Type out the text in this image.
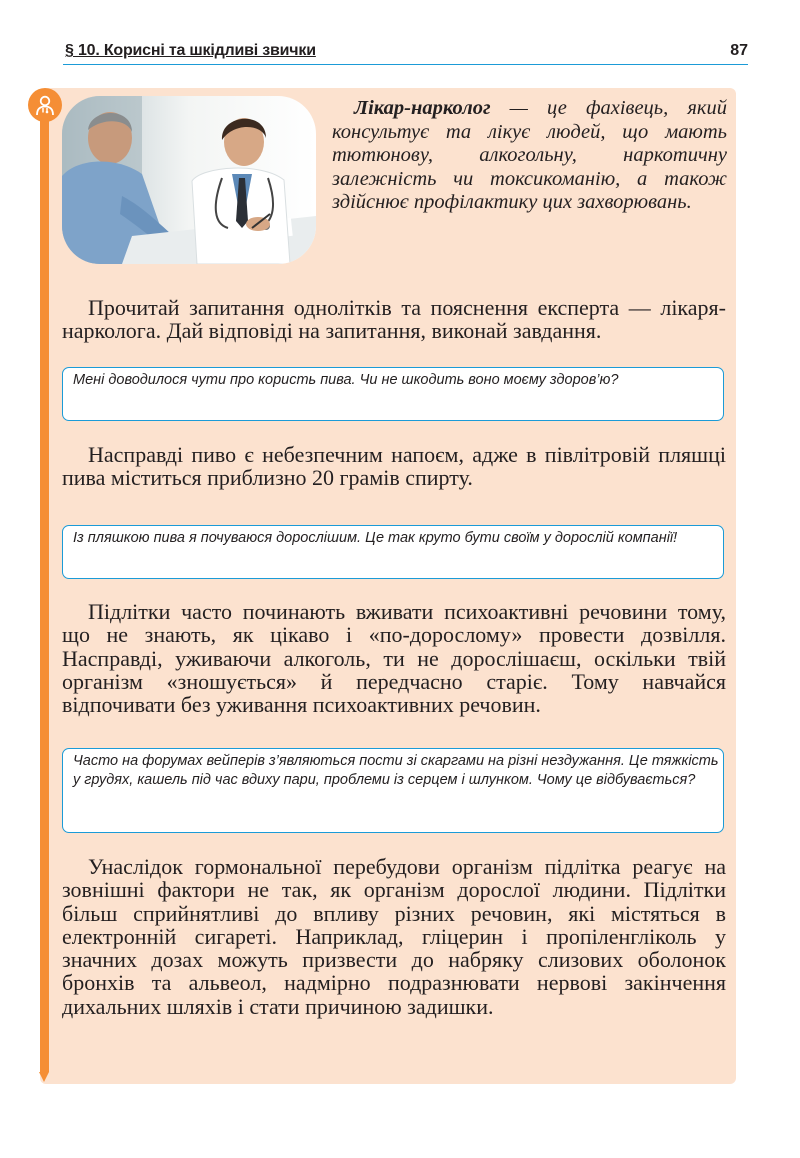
§ 10. Корисні та шкідливі звички	87
Лікар-нарколог — це фахівець, який консультує та лікує людей, що мають тютюнову, алкогольну, наркотичну залежність чи токсикоманію, а також здійснює профілактику цих захворювань.
Прочитай запитання однолітків та пояснення експерта — лікаря-нарколога. Дай відповіді на запитання, виконай завдання.
Мені доводилося чути про користь пива. Чи не шкодить воно моєму здоров’ю?
Насправді пиво є небезпечним напоєм, адже в півлітровій пляшці пива міститься приблизно 20 грамів спирту.
Із пляшкою пива я почуваюся дорослішим. Це так круто бути своїм у дорослій компанії!
Підлітки часто починають вживати психоактивні речовини тому, що не знають, як цікаво і «по-дорослому» провести дозвілля. Насправді, уживаючи алкоголь, ти не дорослішаєш, оскільки твій організм «зношується» й передчасно старіє. Тому навчайся відпочивати без уживання психоактивних речовин.
Часто на форумах вейперів з’являються пости зі скаргами на різні нездужання. Це тяжкість у грудях, кашель під час вдиху пари, проблеми із серцем і шлунком. Чому це відбувається?
Унаслідок гормональної перебудови організм підлітка реагує на зовнішні фактори не так, як організм дорослої людини. Підлітки більш сприйнятливі до впливу різних речовин, які містяться в електронній сигареті. Наприклад, гліцерин і пропіленгліколь у значних дозах можуть призвести до набряку слизових оболонок бронхів та альвеол, надмірно подразнювати нервові закінчення дихальних шляхів і стати причиною задишки.
